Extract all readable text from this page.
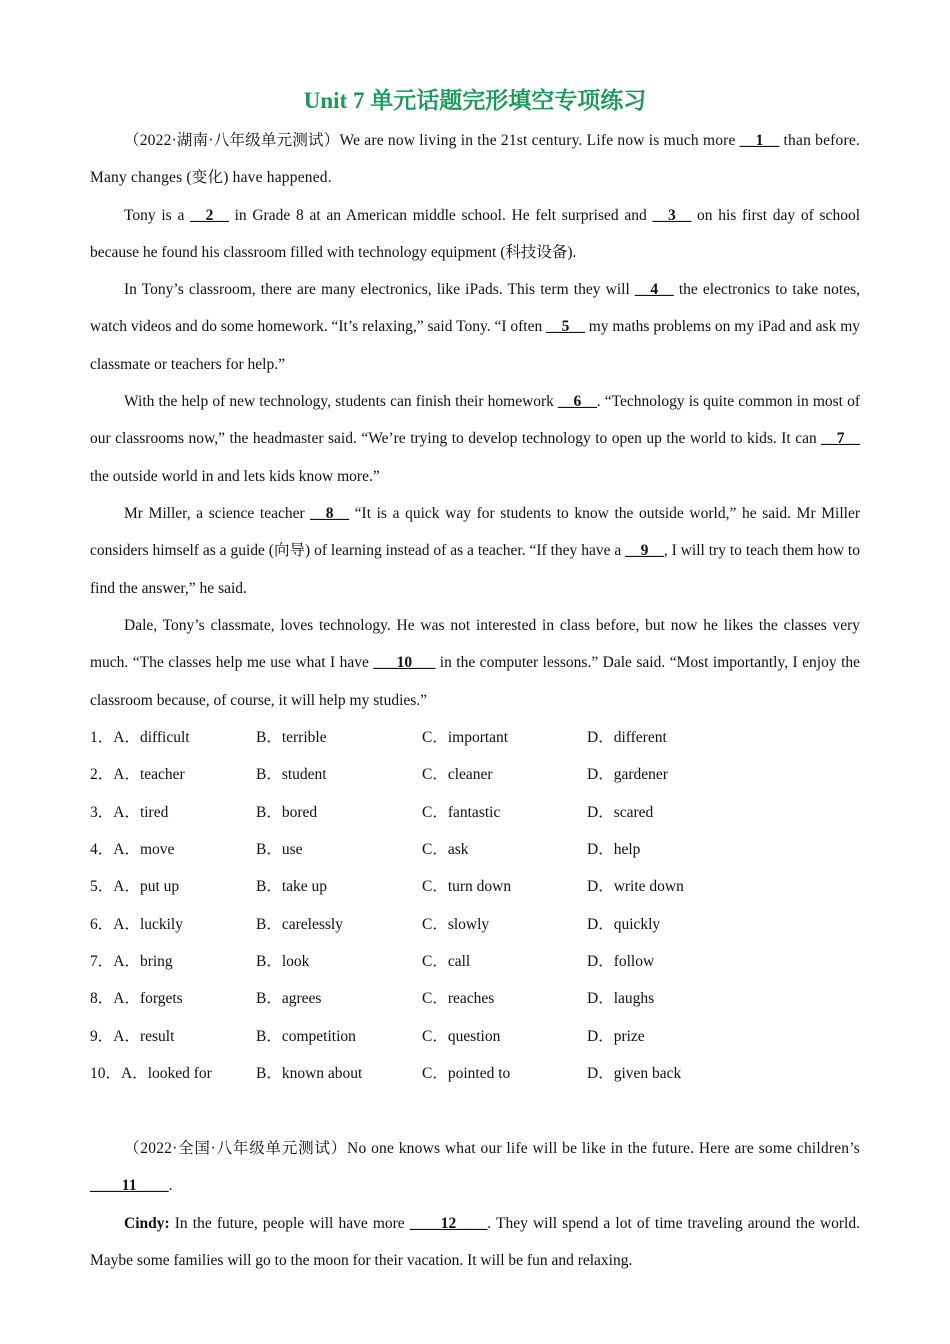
Unit 7 单元话题完形填空专项练习

（2022·湖南·八年级单元测试）We are now living in the 21st century. Life now is much more __1__ than before. Many changes (变化) have happened.

Tony is a __2__ in Grade 8 at an American middle school. He felt surprised and __3__ on his first day of school because he found his classroom filled with technology equipment (科技设备).

In Tony’s classroom, there are many electronics, like iPads. This term they will __4__ the electronics to take notes, watch videos and do some homework. “It’s relaxing,” said Tony. “I often __5__ my maths problems on my iPad and ask my classmate or teachers for help.”

With the help of new technology, students can finish their homework __6__. “Technology is quite common in most of our classrooms now,” the headmaster said. “We’re trying to develop technology to open up the world to kids. It can __7__ the outside world in and lets kids know more.”

Mr Miller, a science teacher __8__ “It is a quick way for students to know the outside world,” he said. Mr Miller considers himself as a guide (向导) of learning instead of as a teacher. “If they have a __9__, I will try to teach them how to find the answer,” he said.

Dale, Tony’s classmate, loves technology. He was not interested in class before, but now he likes the classes very much. “The classes help me use what I have ___10___ in the computer lessons.” Dale said. “Most importantly, I enjoy the classroom because, of course, it will help my studies.”

1．A．difficult	B．terrible	C．important	D．different
2．A．teacher	B．student	C．cleaner	D．gardener
3．A．tired	B．bored	C．fantastic	D．scared
4．A．move	B．use	C．ask	D．help
5．A．put up	B．take up	C．turn down	D．write down
6．A．luckily	B．carelessly	C．slowly	D．quickly
7．A．bring	B．look	C．call	D．follow
8．A．forgets	B．agrees	C．reaches	D．laughs
9．A．result	B．competition	C．question	D．prize
10．A．looked for	B．known about	C．pointed to	D．given back

（2022·全国·八年级单元测试）No one knows what our life will be like in the future. Here are some children’s ____11____.

Cindy: In the future, people will have more ____12____. They will spend a lot of time traveling around the world. Maybe some families will go to the moon for their vacation. It will be fun and relaxing.
